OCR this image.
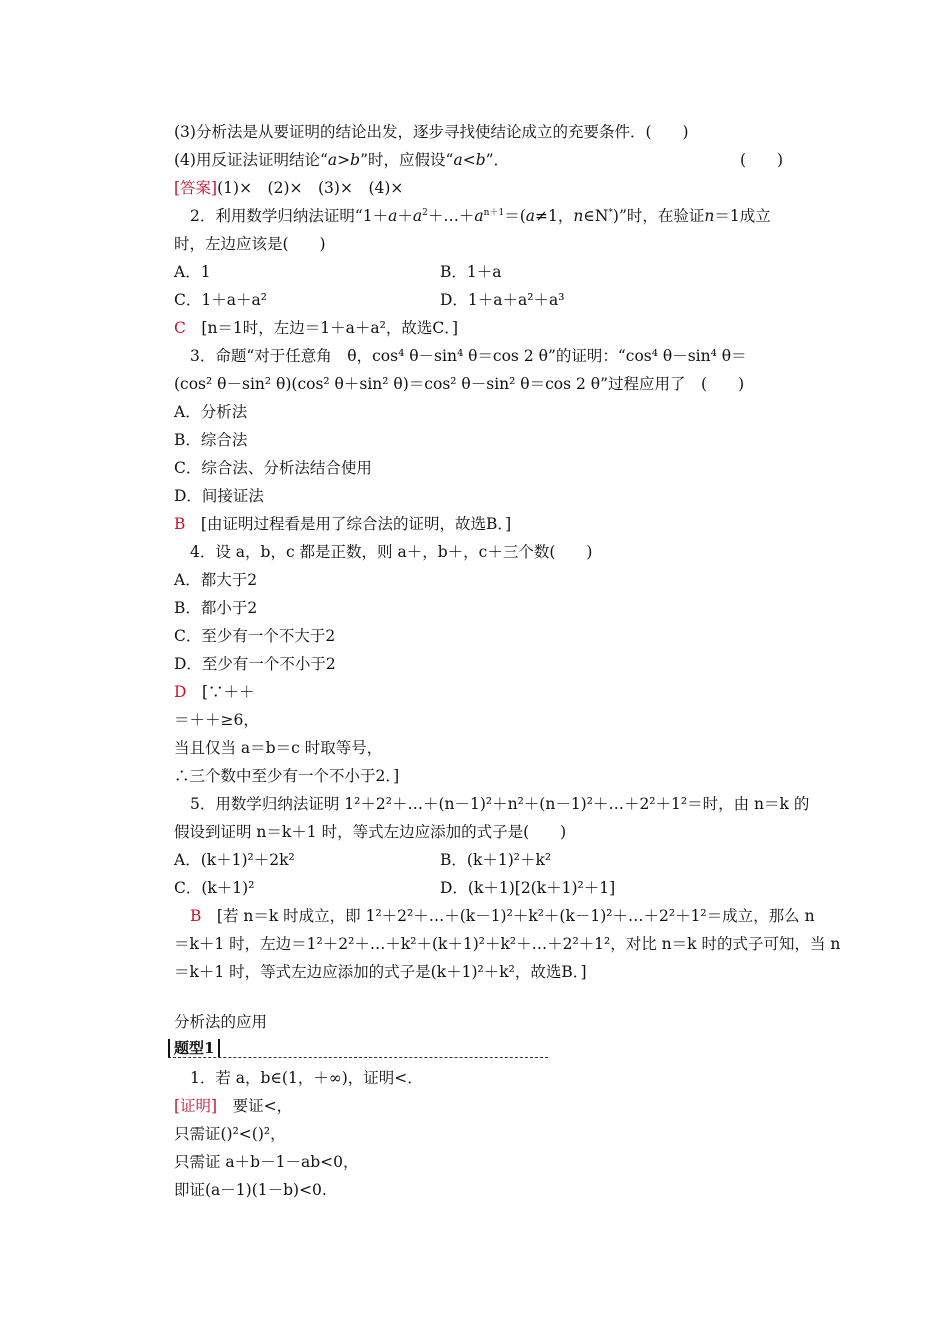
(3)分析法是从要证明的结论出发，逐步寻找使结论成立的充要条件．(　　)
(4)用反证法证明结论“a>b”时，应假设“a<b”．	(　　)
[答案](1)×　(2)×　(3)×　(4)×
2．利用数学归纳法证明“$1+a+a^2+\dots+a^{n+1}=(a\ne 1$，n∈N*)”时，在验证n＝1成立
时，左边应该是(　　)
A．1	B．1＋a
C．1＋a＋a²	D．1＋a＋a²＋a³
C　 [n＝1时，左边＝1＋a＋a²，故选C．]
3．命题“对于任意角　θ，cos⁴ θ－sin⁴ θ＝cos 2 θ”的证明：“cos⁴ θ－sin⁴ θ＝
(cos² θ－sin² θ)(cos² θ＋sin² θ)＝cos² θ－sin² θ＝cos 2 θ”过程应用了　(　　)
A．分析法
B．综合法
C．综合法、分析法结合使用
D．间接证法
B　 [由证明过程看是用了综合法的证明，故选B．]
4．设 a，b，c 都是正数，则 a＋，b＋，c＋三个数(　　)
A．都大于2
B．都小于2
C．至少有一个不大于2
D．至少有一个不小于2
D　 [∵＋＋
＝＋＋≥6，
当且仅当 a＝b＝c 时取等号，
∴三个数中至少有一个不小于2．]
5．用数学归纳法证明 1²＋2²＋…＋(n－1)²＋n²＋(n－1)²＋…＋2²＋1²＝时，由 n＝k 的
假设到证明 n＝k＋1 时，等式左边应添加的式子是(　　)
A．(k＋1)²＋2k²	B．(k＋1)²＋k²
C．(k＋1)²	D．(k＋1)[2(k＋1)²＋1]
B　 [若 n＝k 时成立，即 1²＋2²＋…＋(k－1)²＋k²＋(k－1)²＋…＋2²＋1²＝成立，那么 n
＝k＋1 时，左边＝1²＋2²＋…＋k²＋(k＋1)²＋k²＋…＋2²＋1²，对比 n＝k 时的式子可知，当 n
＝k＋1 时，等式左边应添加的式子是(k＋1)²＋k²，故选B．]
分析法的应用
题型1
1．若 a，b∈(1，＋∞)，证明<．
[证明]　 要证<，
只需证()²<()²，
只需证 a＋b－1－ab<0，
即证(a－1)(1－b)<0.
